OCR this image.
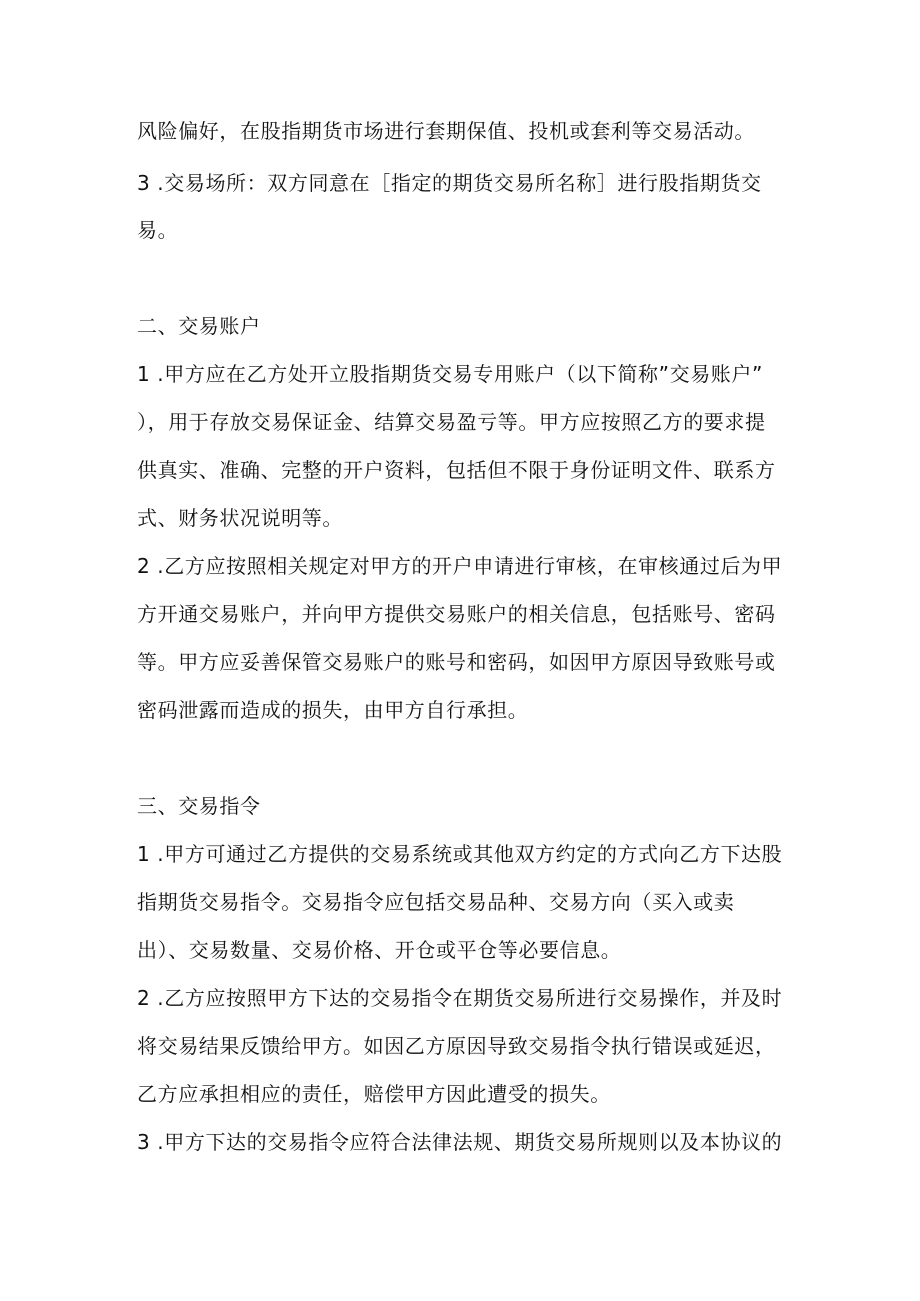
风险偏好，在股指期货市场进行套期保值、投机或套利等交易活动。
3 .交易场所：双方同意在［指定的期货交易所名称］进行股指期货交
易。
二、交易账户
1 .甲方应在乙方处开立股指期货交易专用账户（以下简称”交易账户”
），用于存放交易保证金、结算交易盈亏等。甲方应按照乙方的要求提
供真实、准确、完整的开户资料，包括但不限于身份证明文件、联系方
式、财务状况说明等。
2 .乙方应按照相关规定对甲方的开户申请进行审核，在审核通过后为甲
方开通交易账户，并向甲方提供交易账户的相关信息，包括账号、密码
等。甲方应妥善保管交易账户的账号和密码，如因甲方原因导致账号或
密码泄露而造成的损失，由甲方自行承担。
三、交易指令
1 .甲方可通过乙方提供的交易系统或其他双方约定的方式向乙方下达股
指期货交易指令。交易指令应包括交易品种、交易方向（买入或卖
出）、交易数量、交易价格、开仓或平仓等必要信息。
2 .乙方应按照甲方下达的交易指令在期货交易所进行交易操作，并及时
将交易结果反馈给甲方。如因乙方原因导致交易指令执行错误或延迟，
乙方应承担相应的责任，赔偿甲方因此遭受的损失。
3 .甲方下达的交易指令应符合法律法规、期货交易所规则以及本协议的
